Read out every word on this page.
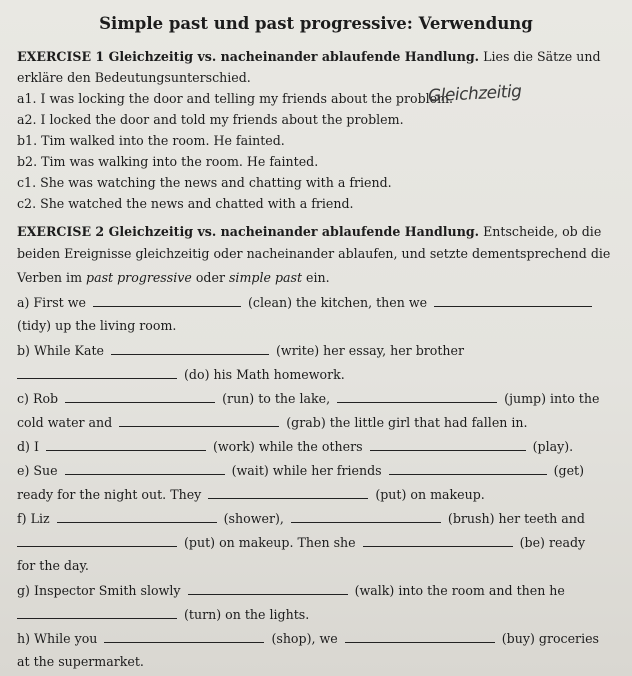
Simple past und past progressive: Verwendung
EXERCISE 1 Gleichzeitig vs. nacheinander ablaufende Handlung. Lies die Sätze und
erkläre den Bedeutungsunterschied.
a1. I was locking the door and telling my friends about the problem.
Gleichzeitig
a2. I locked the door and told my friends about the problem.
b1. Tim walked into the room. He fainted.
b2. Tim was walking into the room. He fainted.
c1. She was watching the news and chatting with a friend.
c2. She watched the news and chatted with a friend.
EXERCISE 2 Gleichzeitig vs. nacheinander ablaufende Handlung. Entscheide, ob die
beiden Ereignisse gleichzeitig oder nacheinander ablaufen, und setzte dementsprechend die
Verben im past progressive oder simple past ein.
a) First we	(clean) the kitchen, then we
(tidy) up the living room.
b) While Kate	(write) her essay, her brother
(do) his Math homework.
c) Rob	(run) to the lake,	(jump) into the
cold water and	(grab) the little girl that had fallen in.
d) I	(work) while the others	(play).
e) Sue	(wait) while her friends	(get)
ready for the night out. They	(put) on makeup.
f) Liz	(shower),	(brush) her teeth and
(put) on makeup. Then she	(be) ready
for the day.
g) Inspector Smith slowly	(walk) into the room and then he
(turn) on the lights.
h) While you	(shop), we	(buy) groceries
at the supermarket.
